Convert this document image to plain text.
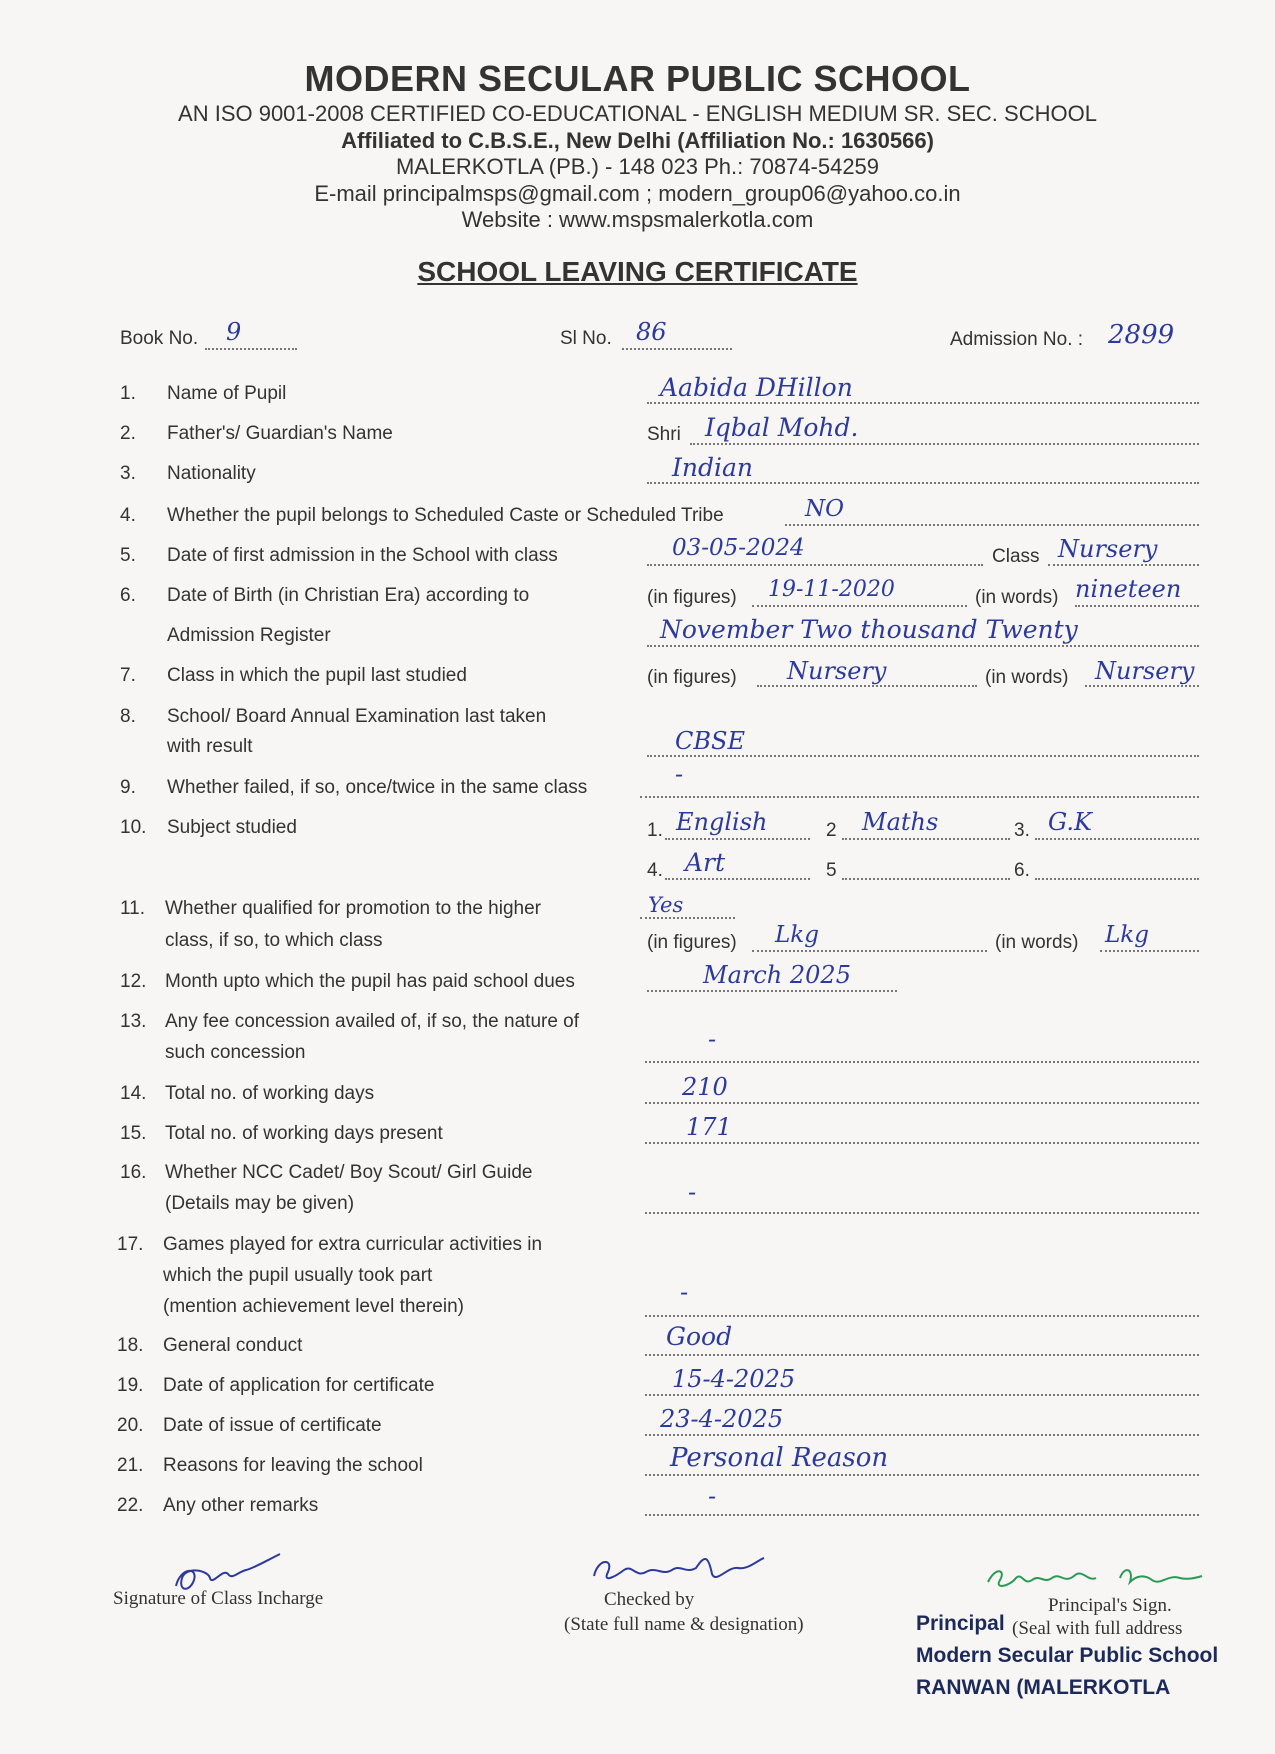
MODERN SECULAR PUBLIC SCHOOL
AN ISO 9001-2008 CERTIFIED CO-EDUCATIONAL - ENGLISH MEDIUM SR. SEC. SCHOOL
Affiliated to C.B.S.E., New Delhi (Affiliation No.: 1630566)
MALERKOTLA (PB.) - 148 023 Ph.: 70874-54259
E-mail principalmsps@gmail.com ; modern_group06@yahoo.co.in
Website : www.mspsmalerkotla.com
SCHOOL LEAVING CERTIFICATE
Book No. 9	Sl No. 86	Admission No. : 2899
1. Name of Pupil	Aabida DHillon
2. Father's/ Guardian's Name	Shri Iqbal Mohd.
3. Nationality	Indian
4. Whether the pupil belongs to Scheduled Caste or Scheduled Tribe	NO
5. Date of first admission in the School with class	03-05-2024	Class Nursery
6. Date of Birth (in Christian Era) according to
Admission Register
(in figures) 19-11-2020	(in words) nineteen
November Two thousand Twenty
7. Class in which the pupil last studied	(in figures) Nursery	(in words) Nursery
8. School/ Board Annual Examination last taken
with result	CBSE
9. Whether failed, if so, once/twice in the same class	-
10. Subject studied	1. English	2 Maths	3. G.K
4. Art	5	6.
11. Whether qualified for promotion to the higher
class, if so, to which class
Yes
(in figures) Lkg	(in words) Lkg
12. Month upto which the pupil has paid school dues	March 2025
13. Any fee concession availed of, if so, the nature of
such concession	-
14. Total no. of working days	210
15. Total no. of working days present	171
16. Whether NCC Cadet/ Boy Scout/ Girl Guide
(Details may be given)	-
17. Games played for extra curricular activities in
which the pupil usually took part
(mention achievement level therein)
-
18. General conduct	Good
19. Date of application for certificate	15-4-2025
20. Date of issue of certificate	23-4-2025
21. Reasons for leaving the school	Personal Reason
22. Any other remarks	-
Signature of Class Incharge	Checked by
(State full name & designation)
Principal's Sign.
Principal (Seal with full address
Modern Secular Public School
RANWAN (MALERKOTLA
